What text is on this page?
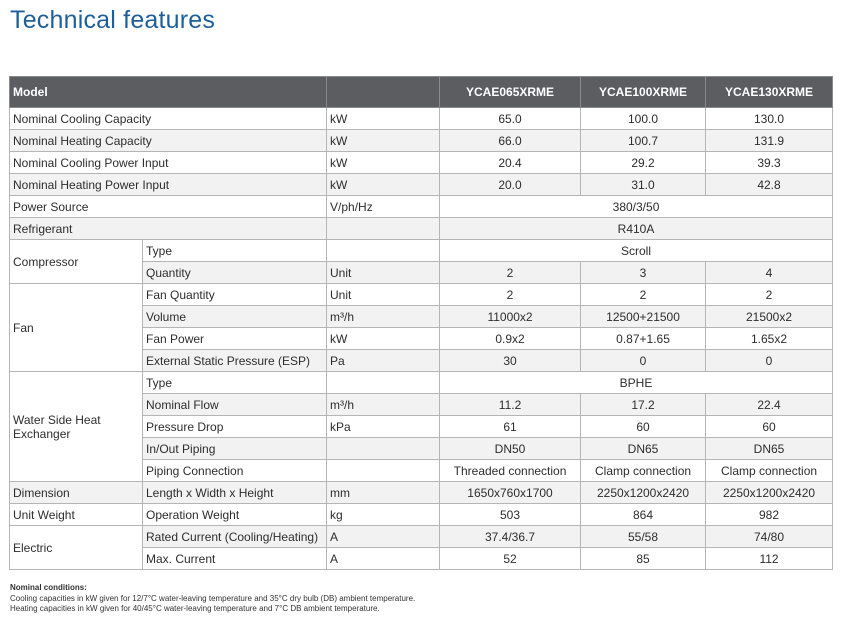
Technical features
Model			YCAE065XRME	YCAE100XRME	YCAE130XRME
Nominal Cooling Capacity		kW	65.0	100.0	130.0
Nominal Heating Capacity		kW	66.0	100.7	131.9
Nominal Cooling Power Input		kW	20.4	29.2	39.3
Nominal Heating Power Input		kW	20.0	31.0	42.8
Power Source		V/ph/Hz	380/3/50		
Refrigerant			R410A		
Compressor	Type		Scroll		
	Quantity	Unit	2	3	4
Fan	Fan Quantity	Unit	2	2	2
	Volume	m³/h	11000x2	12500+21500	21500x2
	Fan Power	kW	0.9x2	0.87+1.65	1.65x2
	External Static Pressure (ESP)	Pa	30	0	0
Water Side Heat Exchanger	Type		BPHE		
	Nominal Flow	m³/h	11.2	17.2	22.4
	Pressure Drop	kPa	61	60	60
	In/Out Piping		DN50	DN65	DN65
	Piping Connection		Threaded connection	Clamp connection	Clamp connection
Dimension	Length x Width x Height	mm	1650x760x1700	2250x1200x2420	2250x1200x2420
Unit Weight	Operation Weight	kg	503	864	982
Electric	Rated Current (Cooling/Heating)	A	37.4/36.7	55/58	74/80
	Max. Current	A	52	85	112
Nominal conditions:
Cooling capacities in kW given for 12/7°C water-leaving temperature and 35°C dry bulb (DB) ambient temperature.
Heating capacities in kW given for 40/45°C water-leaving temperature and 7°C DB ambient temperature.
